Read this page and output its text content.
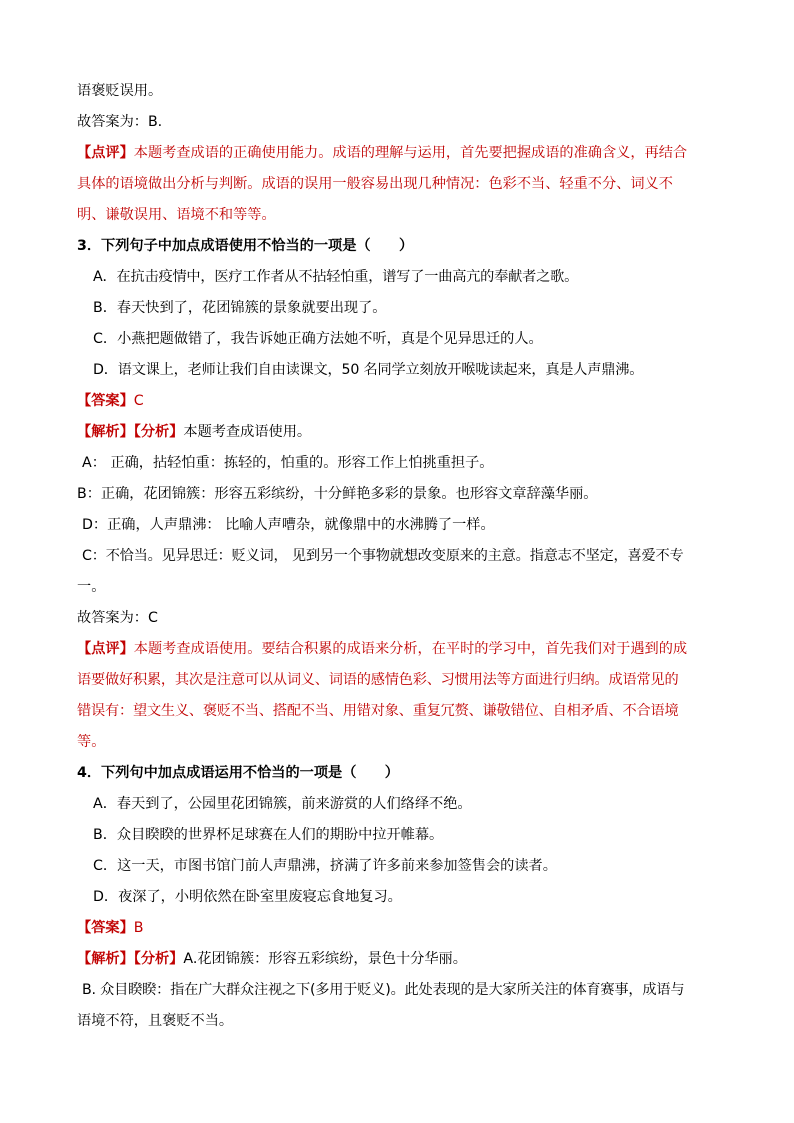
语褒贬误用。
故答案为：B.
【点评】本题考查成语的正确使用能力。成语的理解与运用，首先要把握成语的准确含义，再结合
具体的语境做出分析与判断。成语的误用一般容易出现几种情况：色彩不当、轻重不分、词义不
明、谦敬误用、语境不和等等。
3．下列句子中加点成语使用不恰当的一项是（　　）
A．在抗击疫情中，医疗工作者从不拈轻怕重，谱写了一曲高亢的奉献者之歌。
B．春天快到了，花团锦簇的景象就要出现了。
C．小燕把题做错了，我告诉她正确方法她不听，真是个见异思迁的人。
D．语文课上，老师让我们自由读课文，50 名同学立刻放开喉咙读起来，真是人声鼎沸。
【答案】C
【解析】【分析】本题考查成语使用。
A： 正确，拈轻怕重：拣轻的，怕重的。形容工作上怕挑重担子。
B：正确，花团锦簇：形容五彩缤纷，十分鲜艳多彩的景象。也形容文章辞藻华丽。
D：正确，人声鼎沸： 比喻人声嘈杂，就像鼎中的水沸腾了一样。
C：不恰当。见异思迁：贬义词， 见到另一个事物就想改变原来的主意。指意志不坚定，喜爱不专
一。
故答案为：C
【点评】本题考查成语使用。要结合积累的成语来分析，在平时的学习中，首先我们对于遇到的成
语要做好积累，其次是注意可以从词义、词语的感情色彩、习惯用法等方面进行归纳。成语常见的
错误有：望文生义、褒贬不当、搭配不当、用错对象、重复冗赘、谦敬错位、自相矛盾、不合语境
等。
4．下列句中加点成语运用不恰当的一项是（　　）
A．春天到了，公园里花团锦簇，前来游赏的人们络绎不绝。
B．众目睽睽的世界杯足球赛在人们的期盼中拉开帷幕。
C．这一天，市图书馆门前人声鼎沸，挤满了许多前来参加签售会的读者。
D．夜深了，小明依然在卧室里废寝忘食地复习。
【答案】B
【解析】【分析】A.花团锦簇：形容五彩缤纷，景色十分华丽。
B. 众目睽睽：指在广大群众注视之下(多用于贬义)。此处表现的是大家所关注的体育赛事，成语与
语境不符，且褒贬不当。
